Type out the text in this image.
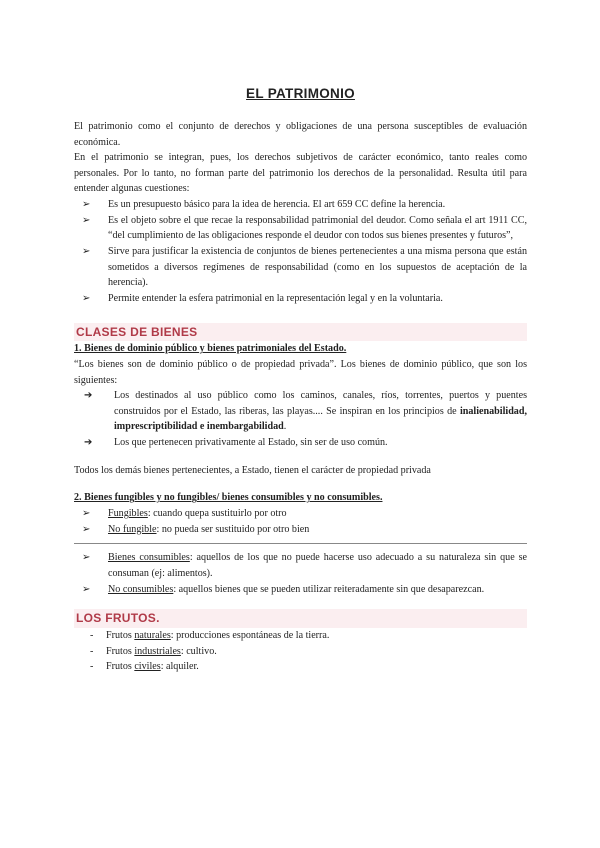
EL PATRIMONIO

El patrimonio como el conjunto de derechos y obligaciones de una persona susceptibles de evaluación económica.

En el patrimonio se integran, pues, los derechos subjetivos de carácter económico, tanto reales como personales. Por lo tanto, no forman parte del patrimonio los derechos de la personalidad. Resulta útil para entender algunas cuestiones:

➢ Es un presupuesto básico para la idea de herencia. El art 659 CC define la herencia.
➢ Es el objeto sobre el que recae la responsabilidad patrimonial del deudor. Como señala el art 1911 CC, “del cumplimiento de las obligaciones responde el deudor con todos sus bienes presentes y futuros”,
➢ Sirve para justificar la existencia de conjuntos de bienes pertenecientes a una misma persona que están sometidos a diversos regímenes de responsabilidad (como en los supuestos de aceptación de la herencia).
➢ Permite entender la esfera patrimonial en la representación legal y en la voluntaria.
CLASES DE BIENES

1. Bienes de dominio público y bienes patrimoniales del Estado.

“Los bienes son de dominio público o de propiedad privada”. Los bienes de dominio público, que son los siguientes:

➔ Los destinados al uso público como los caminos, canales, ríos, torrentes, puertos y puentes construidos por el Estado, las riberas, las playas.... Se inspiran en los principios de inalienabilidad, imprescriptibilidad e inembargabilidad.
➔ Los que pertenecen privativamente al Estado, sin ser de uso común.

Todos los demás bienes pertenecientes, a Estado, tienen el carácter de propiedad privada

2. Bienes fungibles y no fungibles/ bienes consumibles y no consumibles.

➢ Fungibles: cuando quepa sustituirlo por otro
➢ No fungible: no pueda ser sustituido por otro bien
➢ Bienes consumibles: aquellos de los que no puede hacerse uso adecuado a su naturaleza sin que se consuman (ej: alimentos).
➢ No consumibles: aquellos bienes que se pueden utilizar reiteradamente sin que desaparezcan.
LOS FRUTOS.
- Frutos naturales: producciones espontáneas de la tierra.
- Frutos industriales: cultivo.
- Frutos civiles: alquiler.
